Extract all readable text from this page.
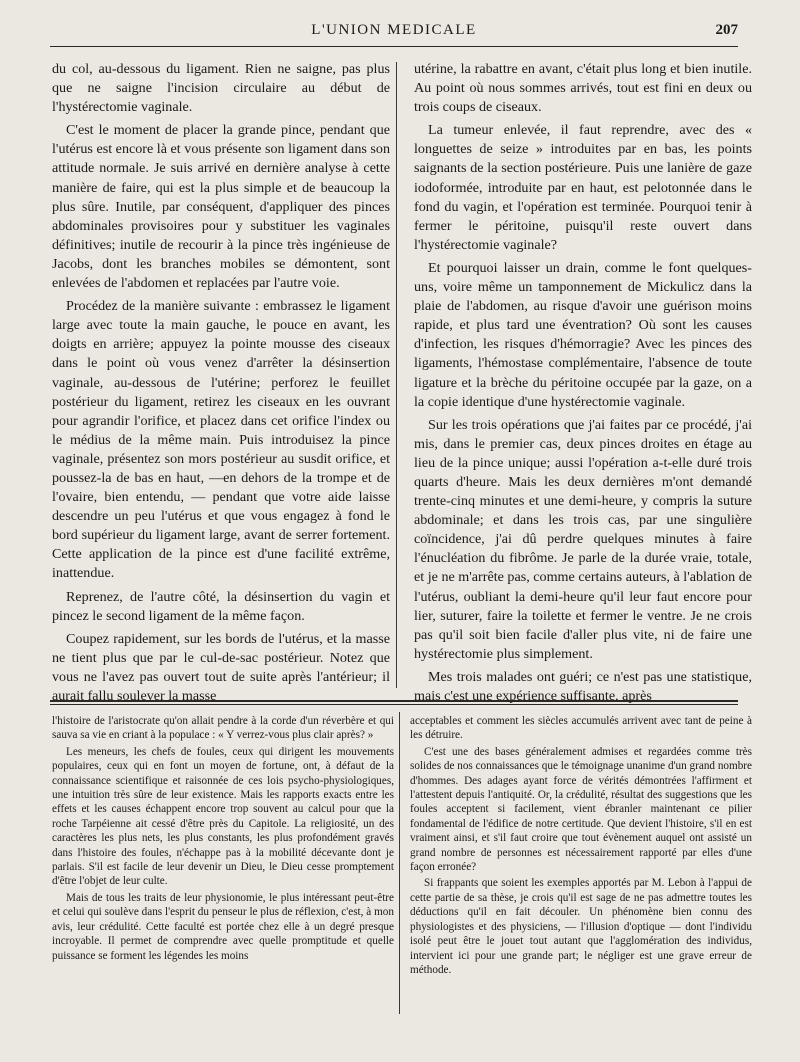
L'UNION MEDICALE	207

du col, au-dessous du ligament. Rien ne saigne, pas plus que ne saigne l'incision circulaire au début de l'hystérectomie vaginale.

C'est le moment de placer la grande pince, pendant que l'utérus est encore là et vous présente son ligament dans son attitude normale. Je suis arrivé en dernière analyse à cette manière de faire, qui est la plus simple et de beaucoup la plus sûre. Inutile, par conséquent, d'appliquer des pinces abdominales provisoires pour y substituer les vaginales définitives; inutile de recourir à la pince très ingénieuse de Jacobs, dont les branches mobiles se démontent, sont enlevées de l'abdomen et replacées par l'autre voie.

Procédez de la manière suivante : embrassez le ligament large avec toute la main gauche, le pouce en avant, les doigts en arrière; appuyez la pointe mousse des ciseaux dans le point où vous venez d'arrêter la désinsertion vaginale, au-dessous de l'utérine; perforez le feuillet postérieur du ligament, retirez les ciseaux en les ouvrant pour agrandir l'orifice, et placez dans cet orifice l'index ou le médius de la même main. Puis introduisez la pince vaginale, présentez son mors postérieur au susdit orifice, et poussez-la de bas en haut, —en dehors de la trompe et de l'ovaire, bien entendu, — pendant que votre aide laisse descendre un peu l'utérus et que vous engagez à fond le bord supérieur du ligament large, avant de serrer fortement. Cette application de la pince est d'une facilité extrême, inattendue.

Reprenez, de l'autre côté, la désinsertion du vagin et pincez le second ligament de la même façon.

Coupez rapidement, sur les bords de l'utérus, et la masse ne tient plus que par le cul-de-sac postérieur. Notez que vous ne l'avez pas ouvert tout de suite après l'antérieur; il aurait fallu soulever la masse

utérine, la rabattre en avant, c'était plus long et bien inutile. Au point où nous sommes arrivés, tout est fini en deux ou trois coups de ciseaux.

La tumeur enlevée, il faut reprendre, avec des « longuettes de seize » introduites par en bas, les points saignants de la section postérieure. Puis une lanière de gaze iodoformée, introduite par en haut, est pelotonnée dans le fond du vagin, et l'opération est terminée. Pourquoi tenir à fermer le péritoine, puisqu'il reste ouvert dans l'hystérectomie vaginale?

Et pourquoi laisser un drain, comme le font quelques-uns, voire même un tamponnement de Mickulicz dans la plaie de l'abdomen, au risque d'avoir une guérison moins rapide, et plus tard une éventration? Où sont les causes d'infection, les risques d'hémorragie? Avec les pinces des ligaments, l'hémostase complémentaire, l'absence de toute ligature et la brèche du péritoine occupée par la gaze, on a la copie identique d'une hystérectomie vaginale.

Sur les trois opérations que j'ai faites par ce procédé, j'ai mis, dans le premier cas, deux pinces droites en étage au lieu de la pince unique; aussi l'opération a-t-elle duré trois quarts d'heure. Mais les deux dernières m'ont demandé trente-cinq minutes et une demi-heure, y compris la suture abdominale; et dans les trois cas, par une singulière coïncidence, j'ai dû perdre quelques minutes à faire l'énucléation du fibrôme. Je parle de la durée vraie, totale, et je ne m'arrête pas, comme certains auteurs, à l'ablation de l'utérus, oubliant la demi-heure qu'il leur faut encore pour lier, suturer, faire la toilette et fermer le ventre. Je ne crois pas qu'il soit bien facile d'aller plus vite, ni de faire une hystérectomie plus simplement.

Mes trois malades ont guéri; ce n'est pas une statistique, mais c'est une expérience suffisante, après

l'histoire de l'aristocrate qu'on allait pendre à la corde d'un réverbère et qui sauva sa vie en criant à la populace : « Y verrez-vous plus clair après? »

Les meneurs, les chefs de foules, ceux qui dirigent les mouvements populaires, ceux qui en font un moyen de fortune, ont, à défaut de la connaissance scientifique et raisonnée de ces lois psycho-physiologiques, une intuition très sûre de leur existence. Mais les rapports exacts entre les effets et les causes échappent encore trop souvent au calcul pour que la roche Tarpéienne ait cessé d'être près du Capitole. La religiosité, un des caractères les plus nets, les plus constants, les plus profondément gravés dans l'histoire des foules, n'échappe pas à la mobilité décevante dont je parlais. S'il est facile de leur devenir un Dieu, le Dieu cesse promptement d'être l'objet de leur culte.

Mais de tous les traits de leur physionomie, le plus intéressant peut-être et celui qui soulève dans l'esprit du penseur le plus de réflexion, c'est, à mon avis, leur crédulité. Cette faculté est portée chez elle à un degré presque incroyable. Il permet de comprendre avec quelle promptitude et quelle puissance se forment les légendes les moins

acceptables et comment les siècles accumulés arrivent avec tant de peine à les détruire.

C'est une des bases généralement admises et regardées comme très solides de nos connaissances que le témoignage unanime d'un grand nombre d'hommes. Des adages ayant force de vérités démontrées l'affirment et l'attestent depuis l'antiquité. Or, la crédulité, résultat des suggestions que les foules acceptent si facilement, vient ébranler maintenant ce pilier fondamental de l'édifice de notre certitude. Que devient l'histoire, s'il en est vraiment ainsi, et s'il faut croire que tout évènement auquel ont assisté un grand nombre de personnes est nécessairement rapporté par elles d'une façon erronée?

Si frappants que soient les exemples apportés par M. Lebon à l'appui de cette partie de sa thèse, je crois qu'il est sage de ne pas admettre toutes les déductions qu'il en fait découler. Un phénomène bien connu des physiologistes et des physiciens, — l'illusion d'optique — dont l'individu isolé peut être le jouet tout autant que l'agglomération des individus, intervient ici pour une grande part; le négliger est une grave erreur de méthode.
